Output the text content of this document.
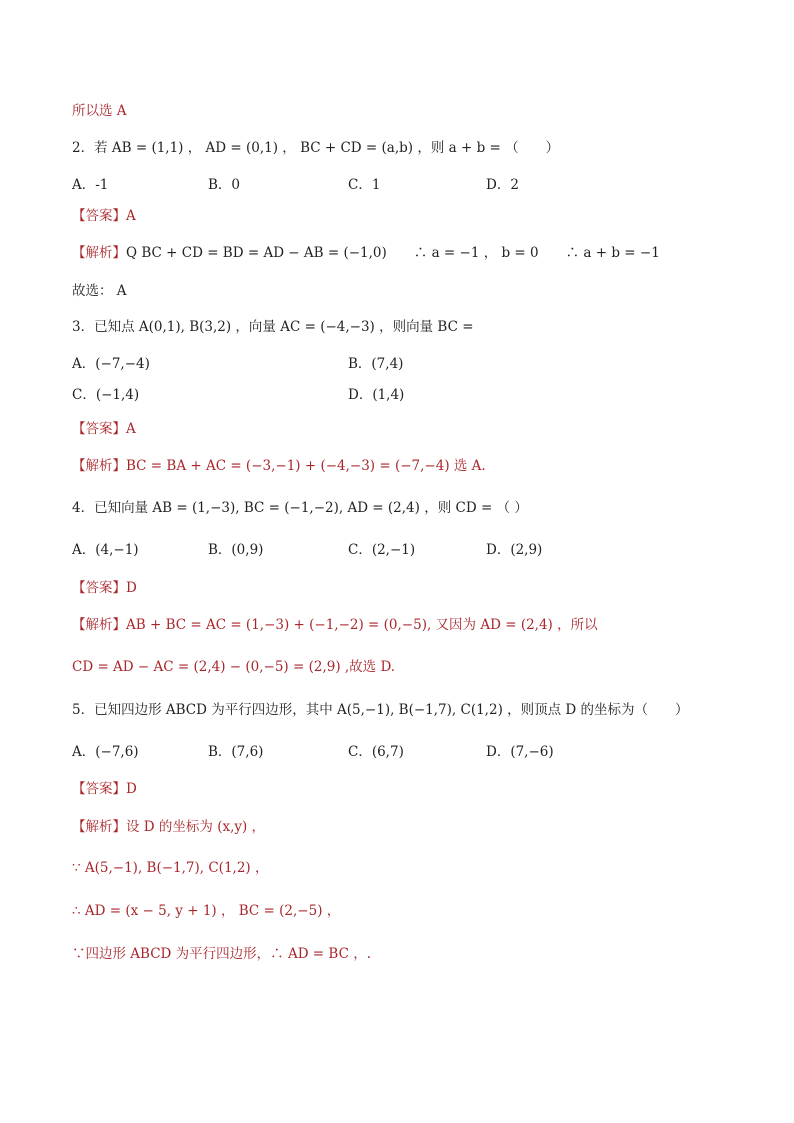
所以选 A
2．若 AB = (1,1) ， AD = (0,1) ， BC + CD = (a,b) ，则 a + b = （　　）
A．-1	B．0	C．1	D．2
【答案】A
【解析】Q BC + CD = BD = AD − AB = (−1,0)　　∴ a = −1 ， b = 0　　∴ a + b = −1
故选： A
3．已知点 A(0,1), B(3,2) ，向量 AC = (−4,−3) ，则向量 BC =
A．(−7,−4)	B．(7,4)
C．(−1,4)	D．(1,4)
【答案】A
【解析】BC = BA + AC = (−3,−1) + (−4,−3) = (−7,−4) 选 A.
4．已知向量 AB = (1,−3), BC = (−1,−2), AD = (2,4) ，则 CD = （ ）
A．(4,−1)	B．(0,9)	C．(2,−1)	D．(2,9)
【答案】D
【解析】AB + BC = AC = (1,−3) + (−1,−2) = (0,−5), 又因为 AD = (2,4) ，所以
CD = AD − AC = (2,4) − (0,−5) = (2,9) ,故选 D.
5．已知四边形 ABCD 为平行四边形，其中 A(5,−1), B(−1,7), C(1,2) ，则顶点 D 的坐标为（　　）
A．(−7,6)	B．(7,6)	C．(6,7)	D．(7,−6)
【答案】D
【解析】设 D 的坐标为 (x,y) ，
∵ A(5,−1), B(−1,7), C(1,2) ，
∴ AD = (x − 5, y + 1) ， BC = (2,−5) ，
∵四边形 ABCD 为平行四边形，∴ AD = BC ，.
